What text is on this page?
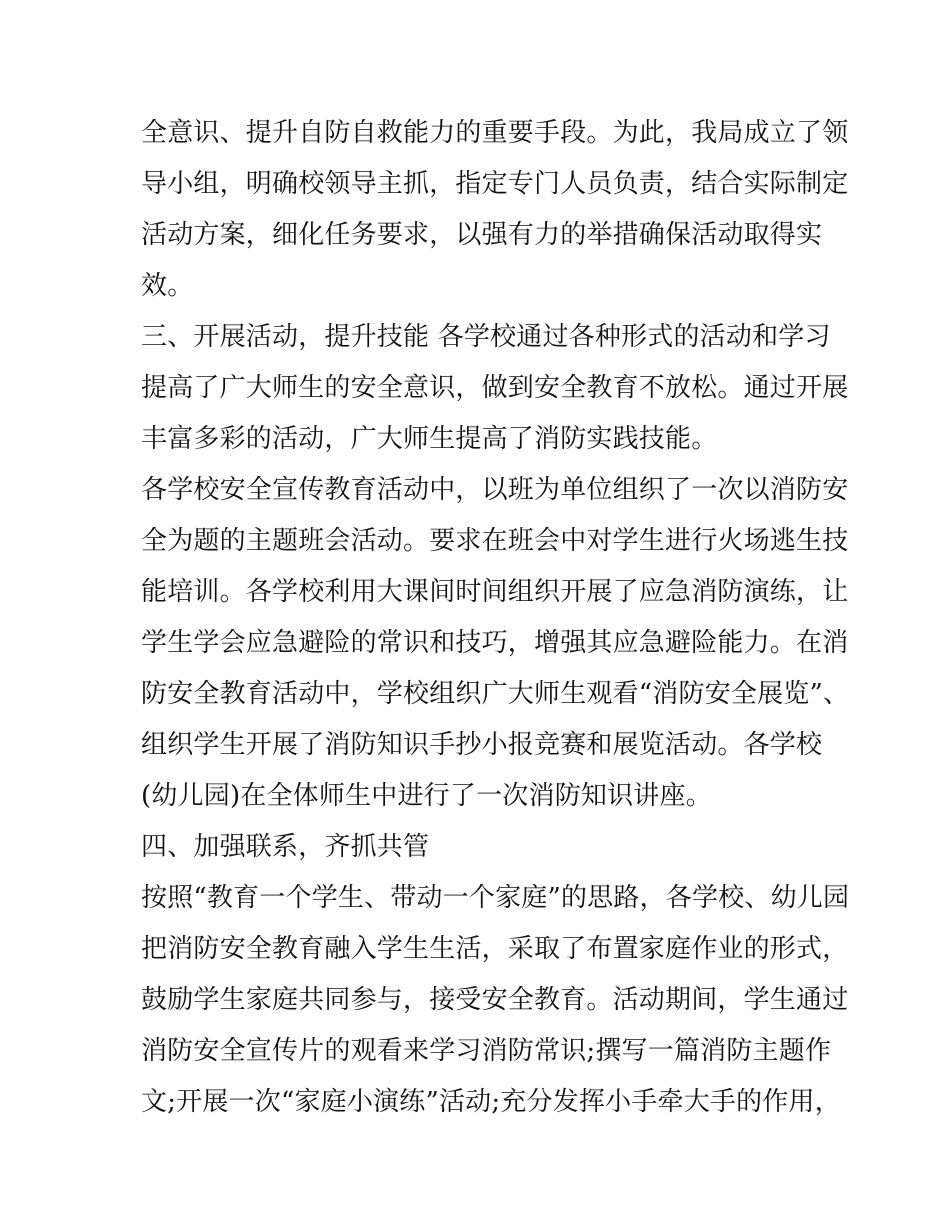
全意识、提升自防自救能力的重要手段。为此，我局成立了领
导小组，明确校领导主抓，指定专门人员负责，结合实际制定
活动方案，细化任务要求，以强有力的举措确保活动取得实
效。
三、开展活动，提升技能 各学校通过各种形式的活动和学习
提高了广大师生的安全意识，做到安全教育不放松。通过开展
丰富多彩的活动，广大师生提高了消防实践技能。
各学校安全宣传教育活动中，以班为单位组织了一次以消防安
全为题的主题班会活动。要求在班会中对学生进行火场逃生技
能培训。各学校利用大课间时间组织开展了应急消防演练，让
学生学会应急避险的常识和技巧，增强其应急避险能力。在消
防安全教育活动中，学校组织广大师生观看“消防安全展览”、
组织学生开展了消防知识手抄小报竞赛和展览活动。各学校
(幼儿园)在全体师生中进行了一次消防知识讲座。
四、加强联系，齐抓共管
按照“教育一个学生、带动一个家庭”的思路，各学校、幼儿园
把消防安全教育融入学生生活，采取了布置家庭作业的形式，
鼓励学生家庭共同参与，接受安全教育。活动期间，学生通过
消防安全宣传片的观看来学习消防常识;撰写一篇消防主题作
文;开展一次“家庭小演练”活动;充分发挥小手牵大手的作用，
